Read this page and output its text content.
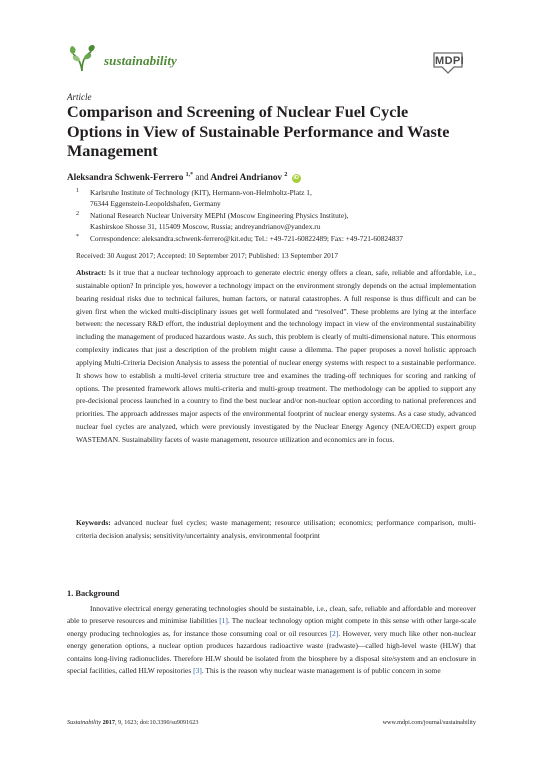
sustainability	MDPI
Article
Comparison and Screening of Nuclear Fuel Cycle Options in View of Sustainable Performance and Waste Management
Aleksandra Schwenk-Ferrero $^{1,*}$ and Andrei Andrianov $^2$ iD
1 Karlsruhe Institute of Technology (KIT), Hermann-von-Helmholtz-Platz 1,
76344 Eggenstein-Leopoldshafen, Germany
2 National Research Nuclear University MEPhI (Moscow Engineering Physics Institute),
Kashirskoe Shosse 31, 115409 Moscow, Russia; andreyandrianov@yandex.ru
* Correspondence: aleksandra.schwenk-ferrero@kit.edu; Tel.: +49-721-60822489; Fax: +49-721-60824837
Received: 30 August 2017; Accepted: 10 September 2017; Published: 13 September 2017

Abstract: Is it true that a nuclear technology approach to generate electric energy offers a clean, safe, reliable and affordable, i.e., sustainable option? In principle yes, however a technology impact on the environment strongly depends on the actual implementation bearing residual risks due to technical failures, human factors, or natural catastrophes. A full response is thus difficult and can be given first when the wicked multi-disciplinary issues get well formulated and “resolved”. These problems are lying at the interface between: the necessary R&D effort, the industrial deployment and the technology impact in view of the environmental sustainability including the management of produced hazardous waste. As such, this problem is clearly of multi-dimensional nature. This enormous complexity indicates that just a description of the problem might cause a dilemma. The paper proposes a novel holistic approach applying Multi-Criteria Decision Analysis to assess the potential of nuclear energy systems with respect to a sustainable performance. It shows how to establish a multi-level criteria structure tree and examines the trading-off techniques for scoring and ranking of options. The presented framework allows multi-criteria and multi-group treatment. The methodology can be applied to support any pre-decisional process launched in a country to find the best nuclear and/or non-nuclear option according to national preferences and priorities. The approach addresses major aspects of the environmental footprint of nuclear energy systems. As a case study, advanced nuclear fuel cycles are analyzed, which were previously investigated by the Nuclear Energy Agency (NEA/OECD) expert group WASTEMAN. Sustainability facets of waste management, resource utilization and economics are in focus.

Keywords: advanced nuclear fuel cycles; waste management; resource utilisation; economics; performance comparison, multi-criteria decision analysis; sensitivity/uncertainty analysis, environmental footprint

1. Background

Innovative electrical energy generating technologies should be sustainable, i.e., clean, safe, reliable and affordable and moreover able to preserve resources and minimise liabilities [1]. The nuclear technology option might compete in this sense with other large-scale energy producing technologies as, for instance those consuming coal or oil resources [2]. However, very much like other non-nuclear energy generation options, a nuclear option produces hazardous radioactive waste (radwaste)—called high-level waste (HLW) that contains long-living radionuclides. Therefore HLW should be isolated from the biosphere by a disposal site/system and an enclosure in special facilities, called HLW repositories [3]. This is the reason why nuclear waste management is of public concern in some

Sustainability 2017, 9, 1623; doi:10.3390/su9091623	www.mdpi.com/journal/sustainability
